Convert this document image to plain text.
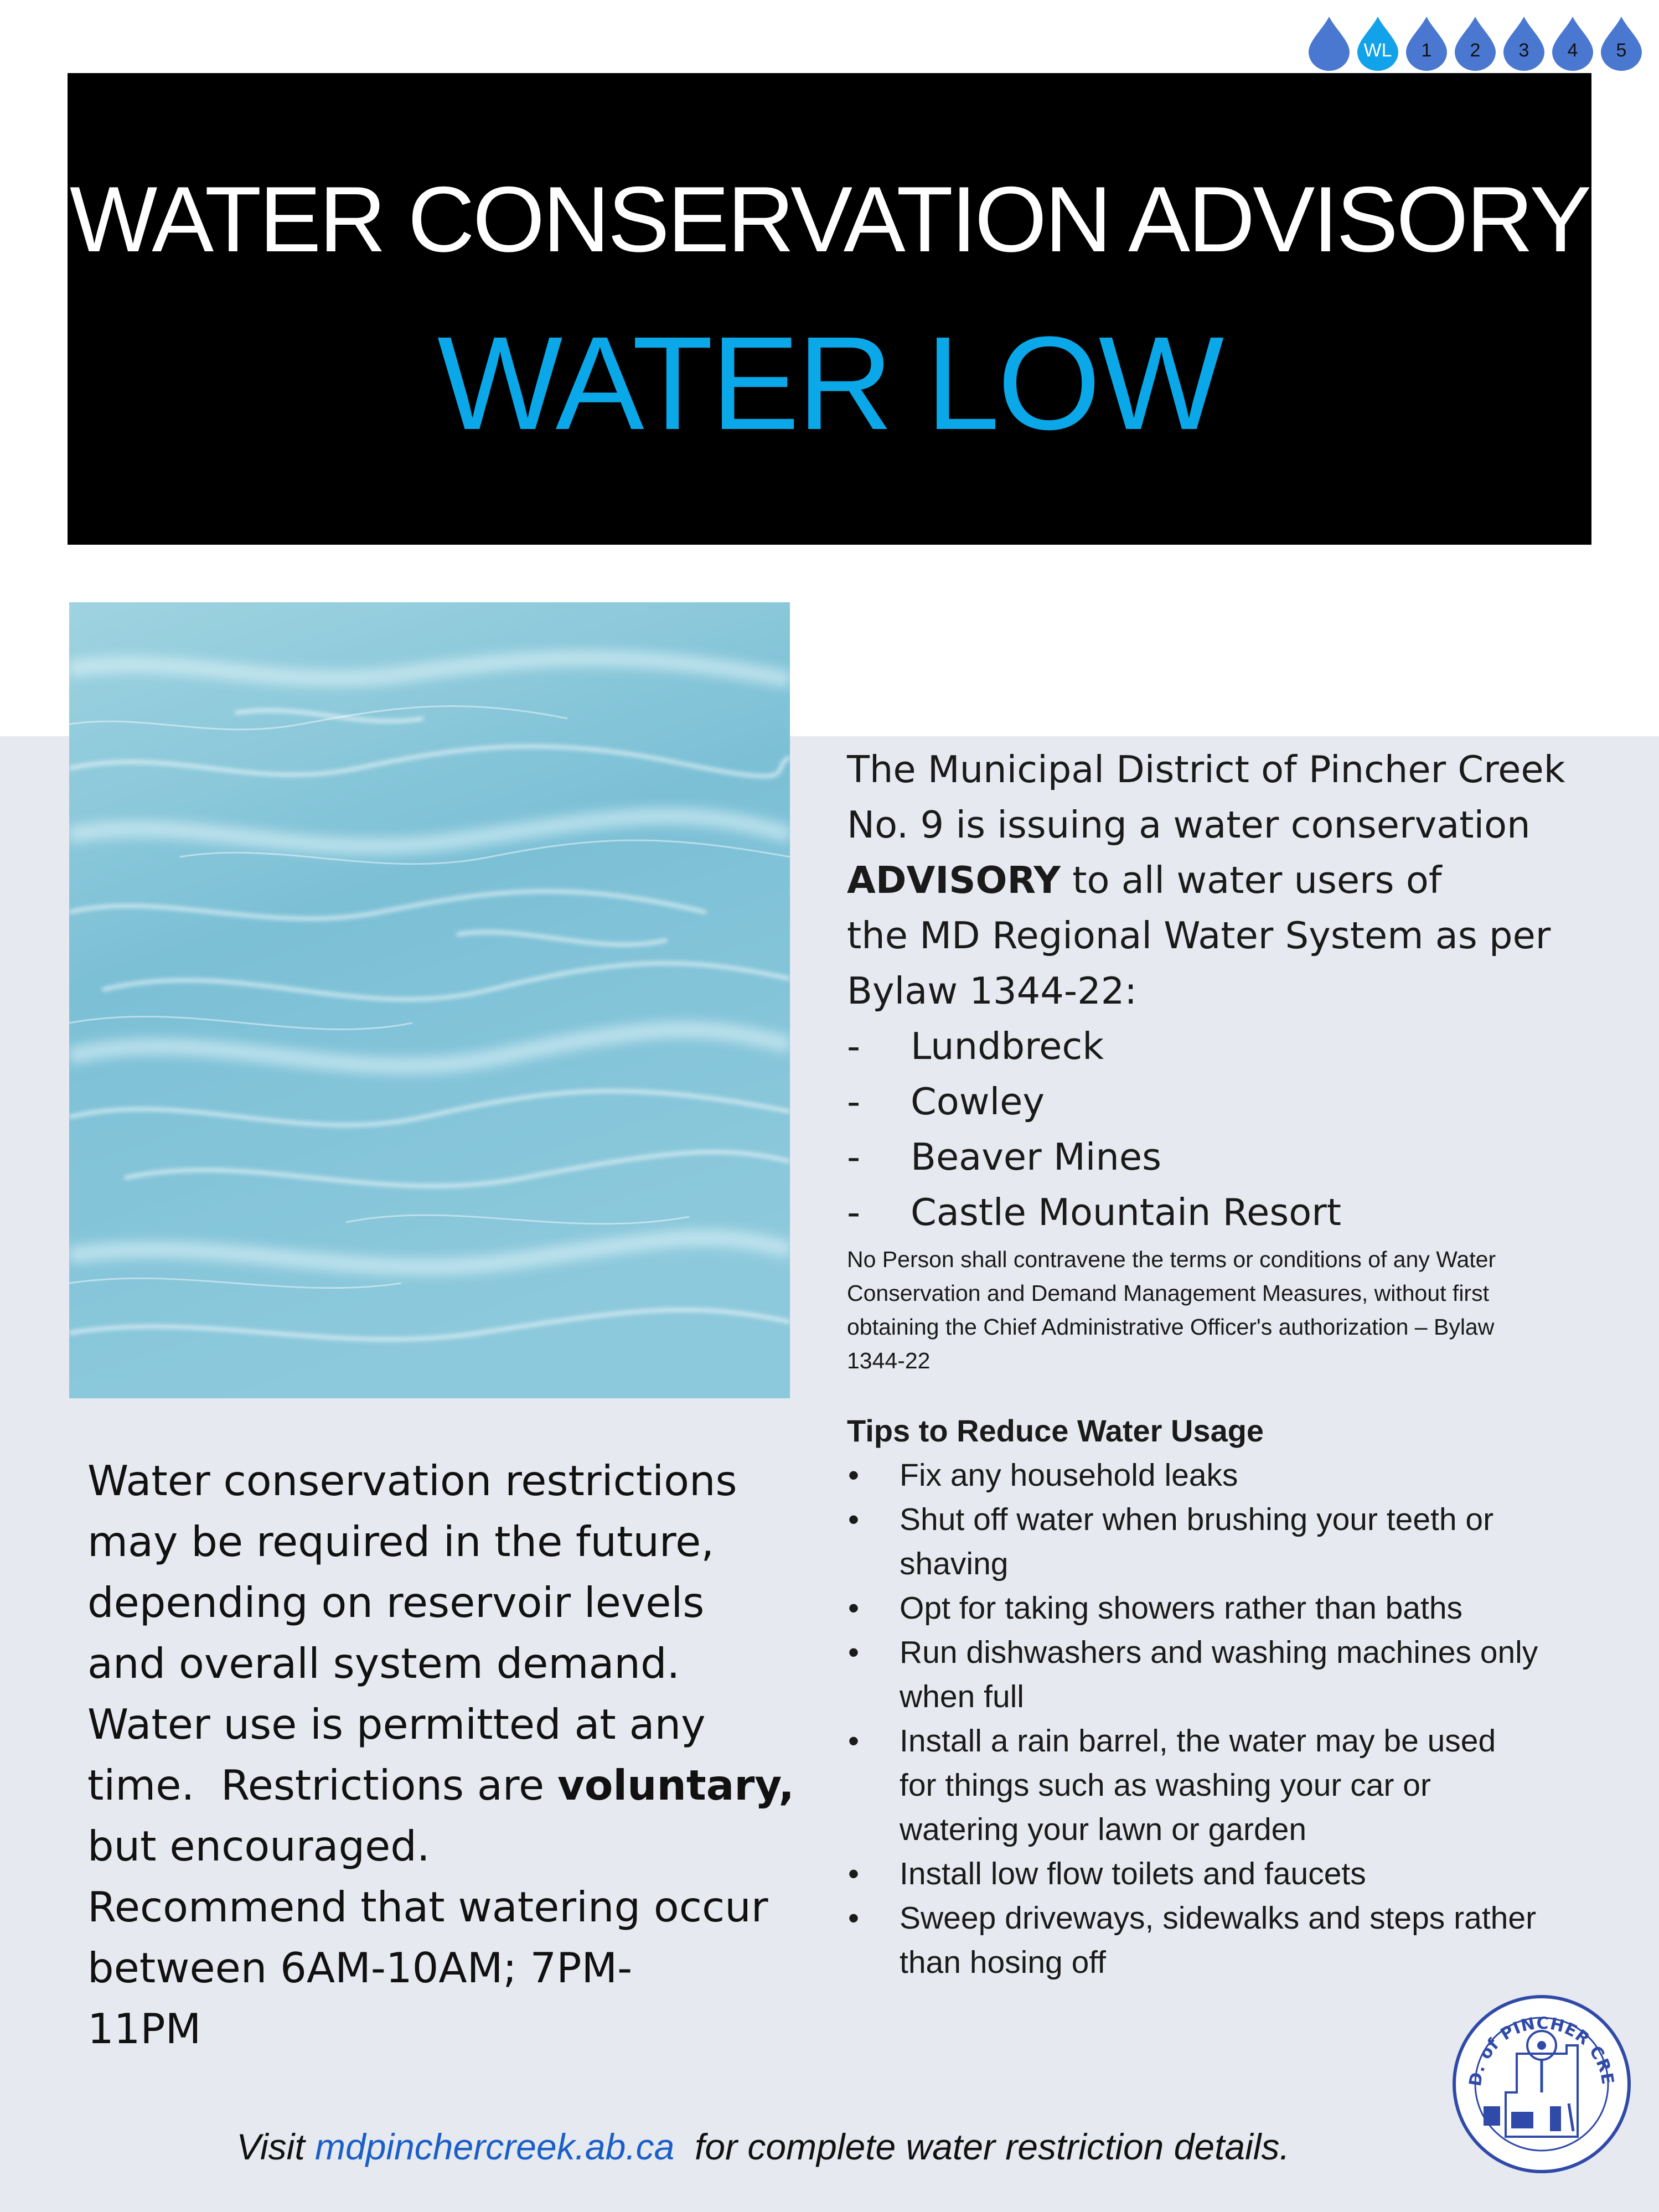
WL	1	2	3	4	5
WATER CONSERVATION ADVISORY
WATER LOW
The Municipal District of Pincher Creek
No. 9 is issuing a water conservation
ADVISORY to all water users of
the MD Regional Water System as per
Bylaw 1344-22:
- Lundbreck
- Cowley
- Beaver Mines
- Castle Mountain Resort
No Person shall contravene the terms or conditions of any Water
Conservation and Demand Management Measures, without first
obtaining the Chief Administrative Officer's authorization – Bylaw
1344-22
Tips to Reduce Water Usage
• Fix any household leaks
• Shut off water when brushing your teeth or
shaving
• Opt for taking showers rather than baths
• Run dishwashers and washing machines only
when full
• Install a rain barrel, the water may be used
for things such as washing your car or
watering your lawn or garden
• Install low flow toilets and faucets
• Sweep driveways, sidewalks and steps rather
than hosing off

Water conservation restrictions

may be required in the future,

depending on reservoir levels

and overall system demand.

Water use is permitted at any

time.  Restrictions are voluntary,

but encouraged.

Recommend that watering occur

between 6AM-10AM; 7PM-

11PM

D. of PINCHER CRE
Visit mdpinchercreek.ab.ca  for complete water restriction details.
